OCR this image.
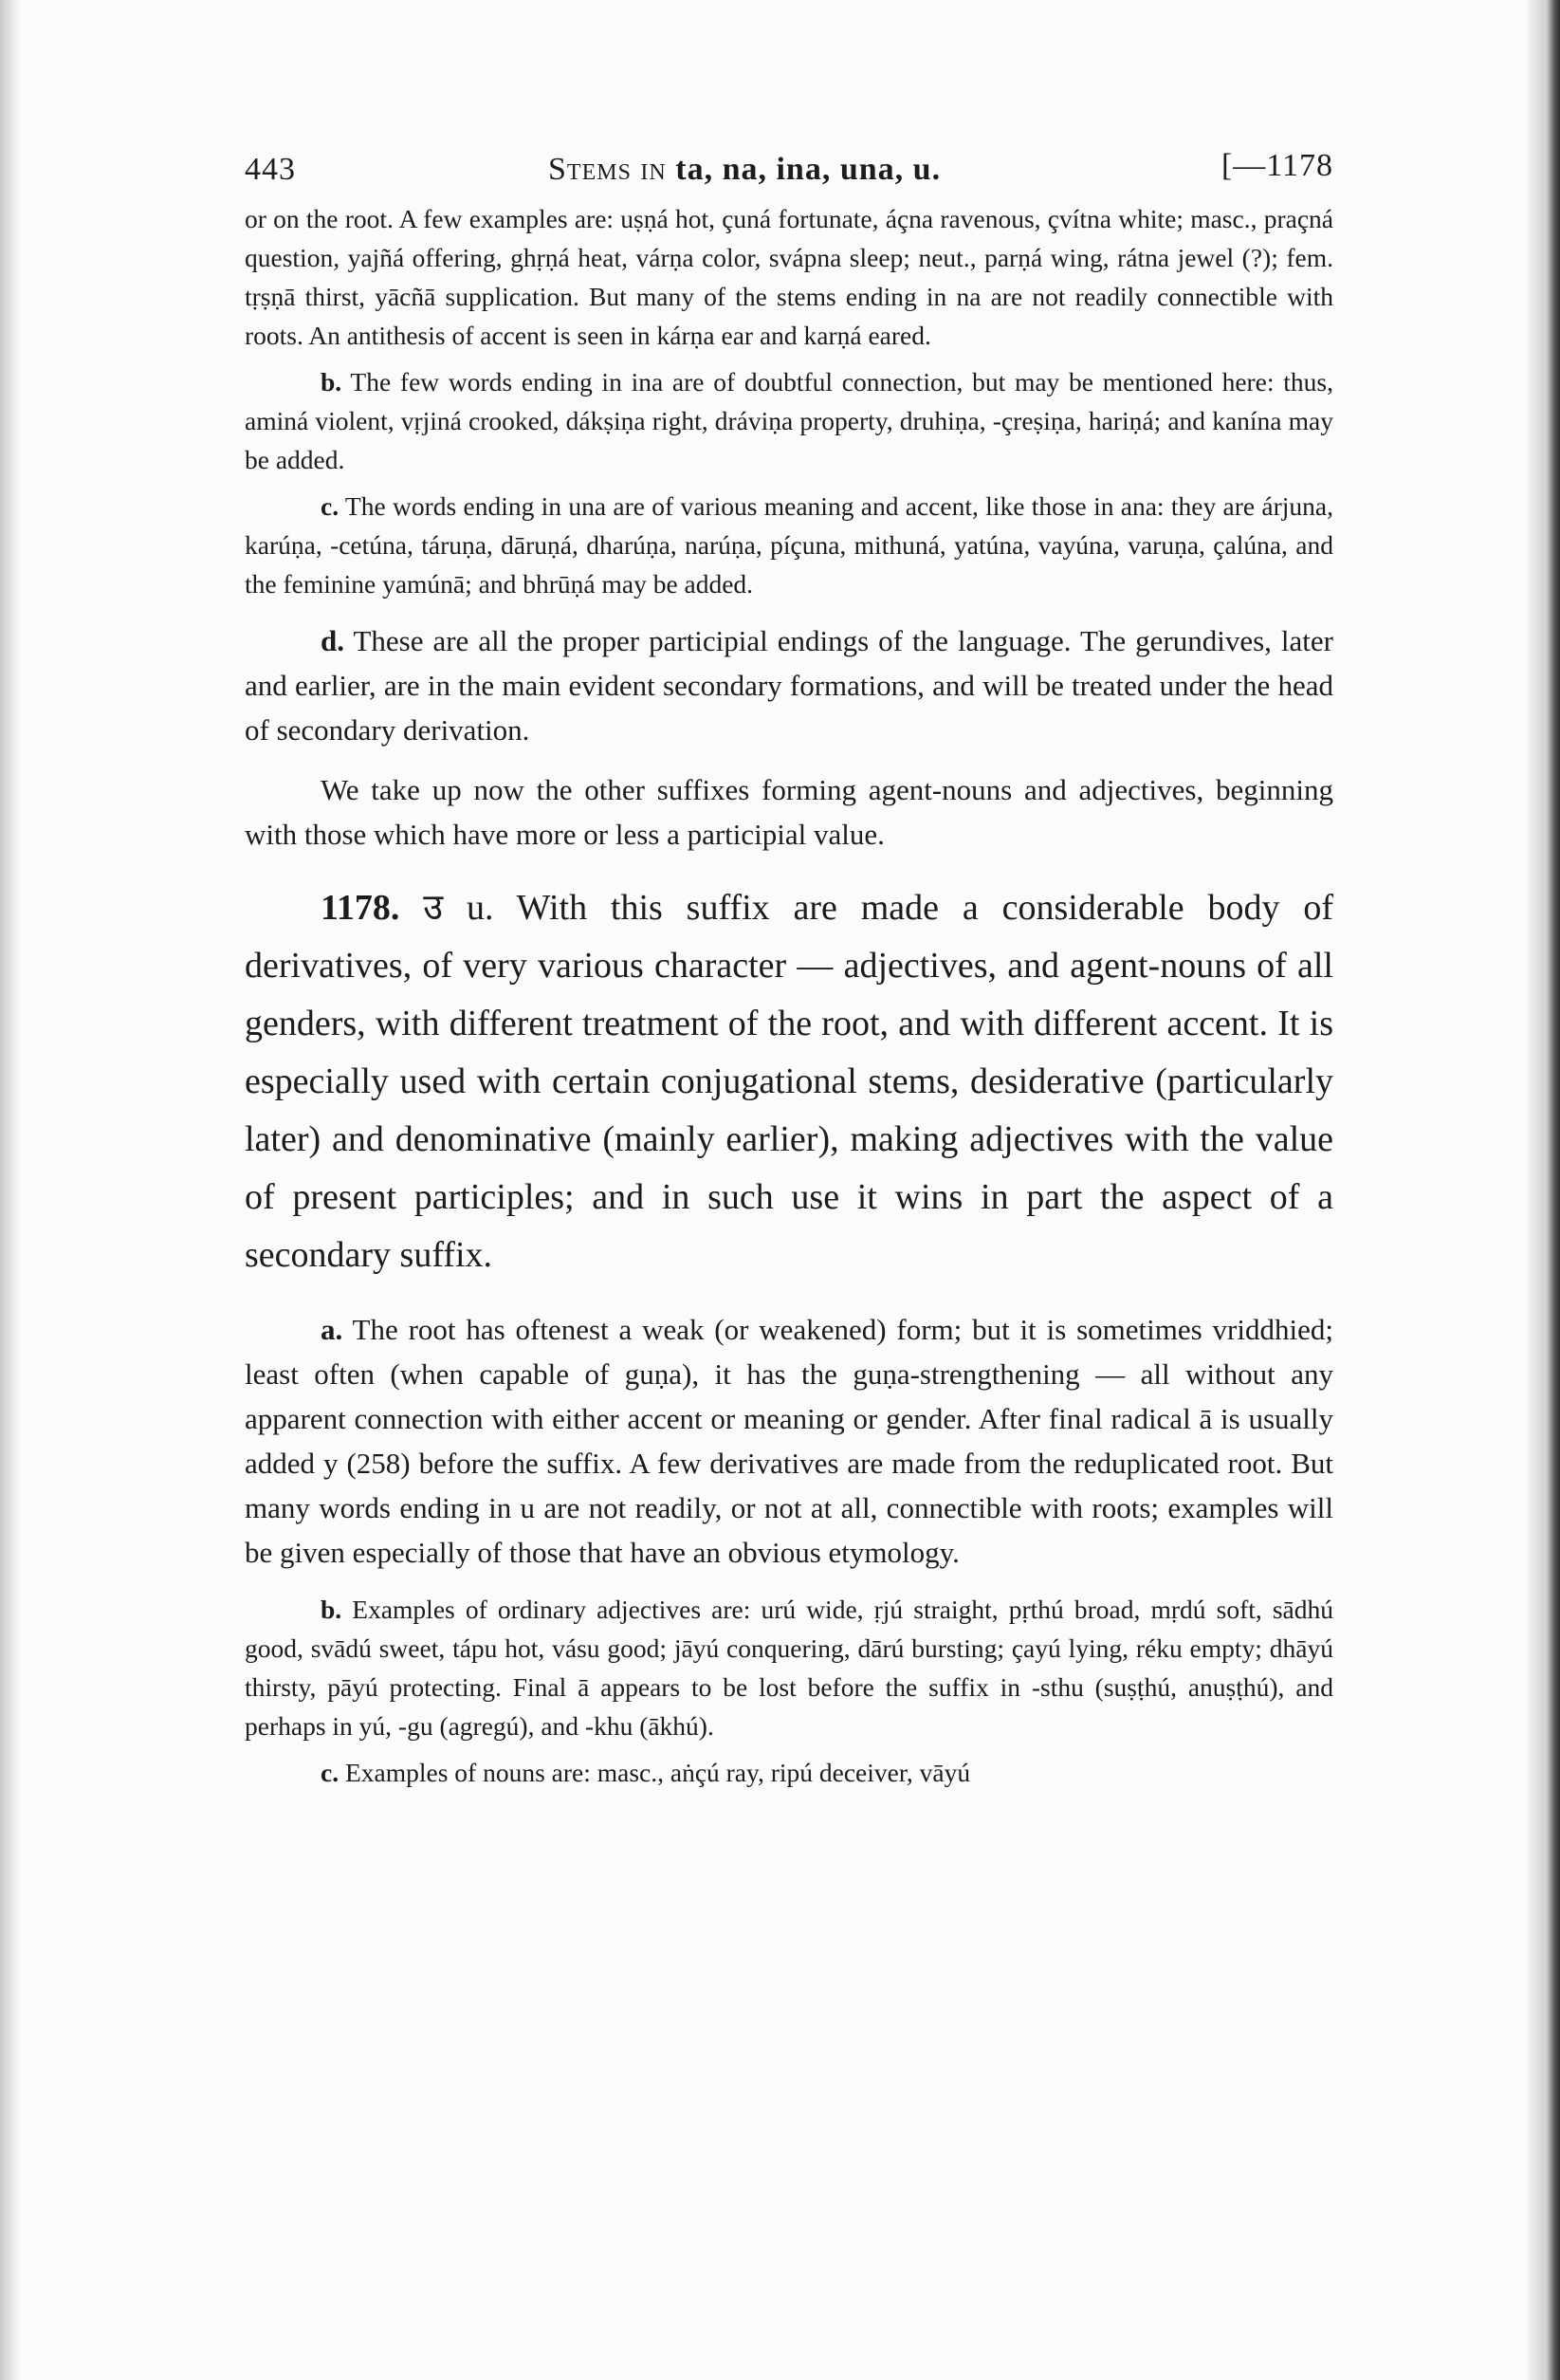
443	Stems in ta, na, ina, una, u.	[—1178

or on the root. A few examples are: uṣṇá hot, çuná fortunate, áçna ravenous, çvítna white; masc., praçná question, yajñá offering, ghṛṇá heat, várṇa color, svápna sleep; neut., parṇá wing, rátna jewel (?); fem. tṛṣṇā thirst, yācñā supplication. But many of the stems ending in na are not readily connectible with roots. An antithesis of accent is seen in kárṇa ear and karṇá eared.

b. The few words ending in ina are of doubtful connection, but may be mentioned here: thus, aminá violent, vṛjiná crooked, dákṣiṇa right, dráviṇa property, druhiṇa, -çreṣiṇa, hariṇá; and kanína may be added.

c. The words ending in una are of various meaning and accent, like those in ana: they are árjuna, karúṇa, -cetúna, táruṇa, dāruṇá, dharúṇa, narúṇa, píçuna, mithuná, yatúna, vayúna, varuṇa, çalúna, and the feminine yamúnā; and bhrūṇá may be added.

d. These are all the proper participial endings of the language. The gerundives, later and earlier, are in the main evident secondary formations, and will be treated under the head of secondary derivation.

We take up now the other suffixes forming agent-nouns and adjectives, beginning with those which have more or less a participial value.

1178. उ u. With this suffix are made a considerable body of derivatives, of very various character — adjectives, and agent-nouns of all genders, with different treatment of the root, and with different accent. It is especially used with certain conjugational stems, desiderative (particularly later) and denominative (mainly earlier), making adjectives with the value of present participles; and in such use it wins in part the aspect of a secondary suffix.

a. The root has oftenest a weak (or weakened) form; but it is sometimes vriddhied; least often (when capable of guṇa), it has the guṇa-strengthening — all without any apparent connection with either accent or meaning or gender. After final radical ā is usually added y (258) before the suffix. A few derivatives are made from the reduplicated root. But many words ending in u are not readily, or not at all, connectible with roots; examples will be given especially of those that have an obvious etymology.

b. Examples of ordinary adjectives are: urú wide, ṛjú straight, pṛthú broad, mṛdú soft, sādhú good, svādú sweet, tápu hot, vásu good; jāyú conquering, dārú bursting; çayú lying, réku empty; dhāyú thirsty, pāyú protecting. Final ā appears to be lost before the suffix in -sthu (suṣṭhú, anuṣṭhú), and perhaps in yú, -gu (agregú), and -khu (ākhú).

c. Examples of nouns are: masc., aṅçú ray, ripú deceiver, vāyú
